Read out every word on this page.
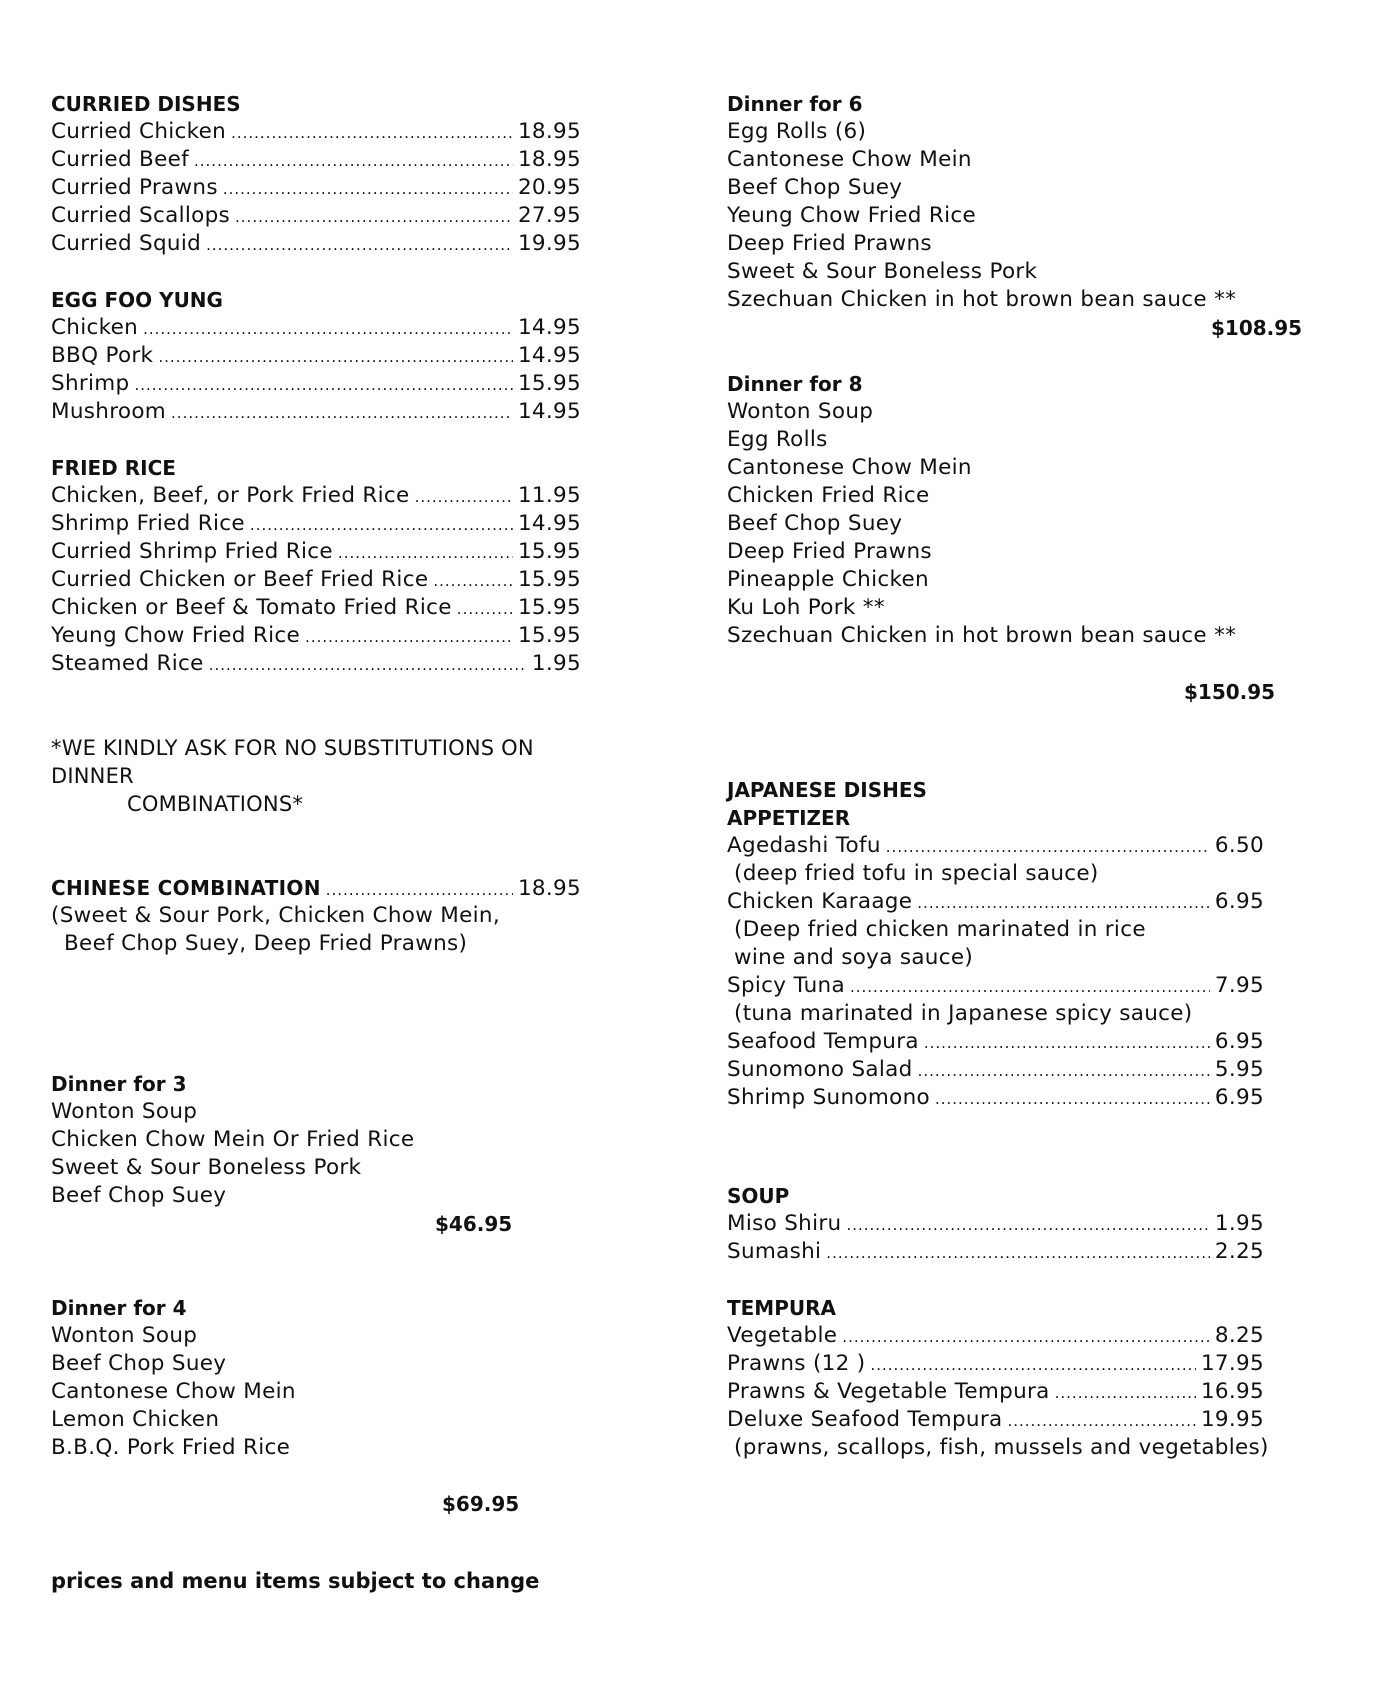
CURRIED DISHES
Curried Chicken .....	18.95
Curried Beef .....	18.95
Curried Prawns .....	20.95
Curried Scallops .....	27.95
Curried Squid .....	19.95
EGG FOO YUNG
Chicken .....	14.95
BBQ Pork .....	14.95
Shrimp .....	15.95
Mushroom .....	14.95
FRIED RICE
Chicken, Beef, or Pork Fried Rice .....	11.95
Shrimp Fried Rice .....	14.95
Curried Shrimp Fried Rice .....	15.95
Curried Chicken or Beef Fried Rice .....	15.95
Chicken or Beef & Tomato Fried Rice .....	15.95
Yeung Chow Fried Rice .....	15.95
Steamed Rice .....	1.95
*WE KINDLY ASK FOR NO SUBSTITUTIONS ON DINNER
COMBINATIONS*
CHINESE COMBINATION .....	18.95
(Sweet & Sour Pork, Chicken Chow Mein,
Beef Chop Suey, Deep Fried Prawns)
Dinner for 3
Wonton Soup
Chicken Chow Mein Or Fried Rice
Sweet & Sour Boneless Pork
Beef Chop Suey
$46.95
Dinner for 4
Wonton Soup
Beef Chop Suey
Cantonese Chow Mein
Lemon Chicken
B.B.Q. Pork Fried Rice
$69.95
Dinner for 6
Egg Rolls (6)
Cantonese Chow Mein
Beef Chop Suey
Yeung Chow Fried Rice
Deep Fried Prawns
Sweet & Sour Boneless Pork
Szechuan Chicken in hot brown bean sauce **
$108.95
Dinner for 8
Wonton Soup
Egg Rolls
Cantonese Chow Mein
Chicken Fried Rice
Beef Chop Suey
Deep Fried Prawns
Pineapple Chicken
Ku Loh Pork **
Szechuan Chicken in hot brown bean sauce **
$150.95
JAPANESE DISHES
APPETIZER
Agedashi Tofu .....	6.50
(deep fried tofu in special sauce)
Chicken Karaage .....	6.95
(Deep fried chicken marinated in rice
wine and soya sauce)
Spicy Tuna .....	7.95
(tuna marinated in Japanese spicy sauce)
Seafood Tempura .....	6.95
Sunomono Salad .....	5.95
Shrimp Sunomono .....	6.95
SOUP
Miso Shiru .....	1.95
Sumashi .....	2.25
TEMPURA
Vegetable .....	8.25
Prawns (12 ) .....	17.95
Prawns & Vegetable Tempura .....	16.95
Deluxe Seafood Tempura .....	19.95
(prawns, scallops, fish, mussels and vegetables)
prices and menu items subject to change
